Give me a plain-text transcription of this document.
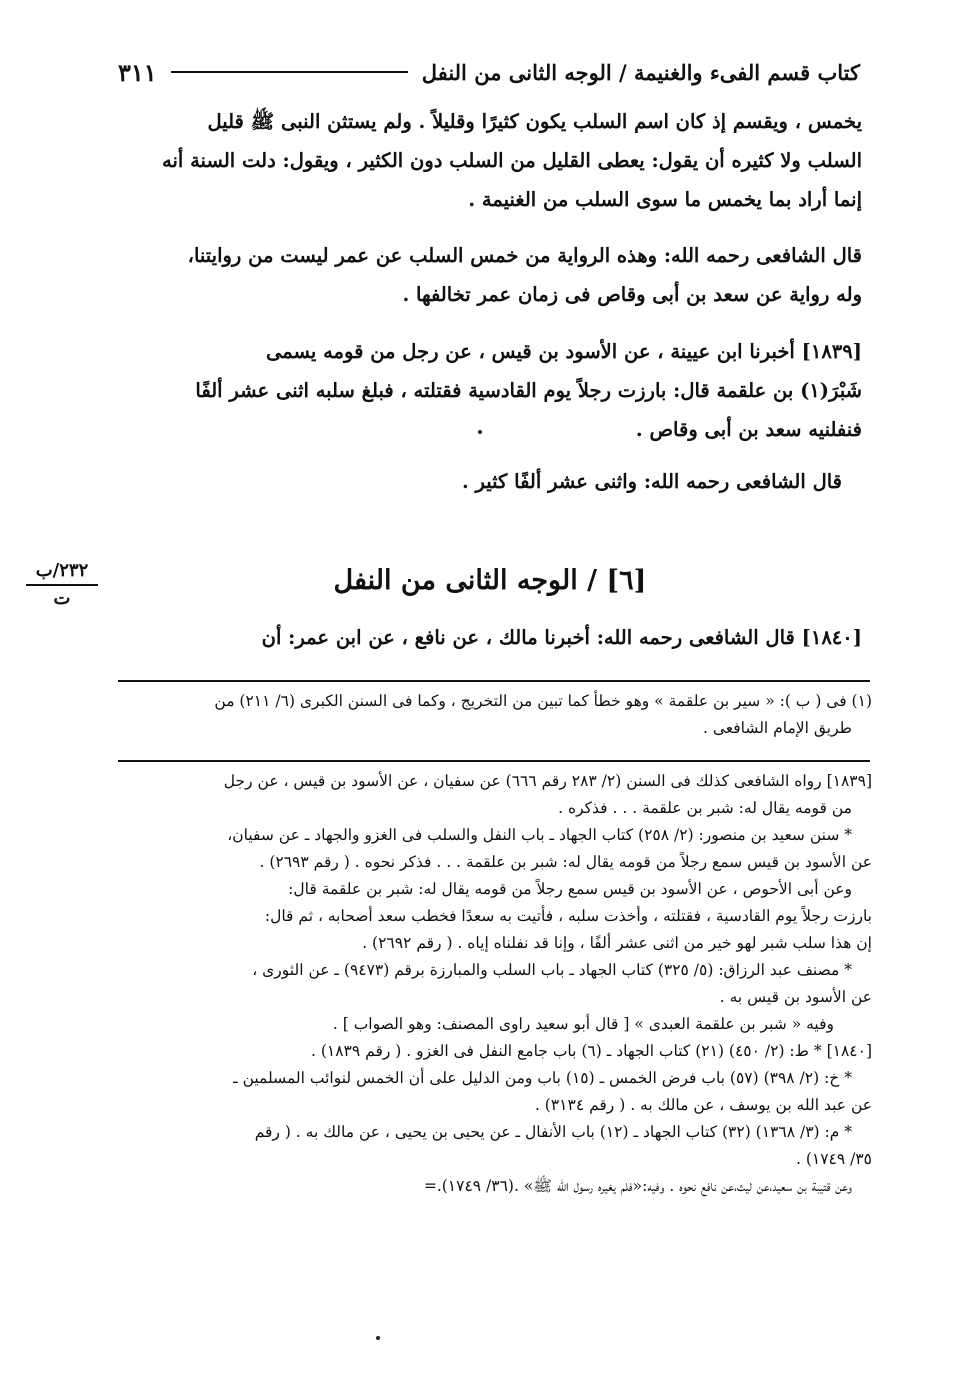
كتاب قسم الفىء والغنيمة / الوجه الثانى من النفل
٣١١

يخمس ، ويقسم إذ كان اسم السلب يكون كثيرًا وقليلاً . ولم يستثن النبى ﷺ قليل

السلب ولا كثيره أن يقول: يعطى القليل من السلب دون الكثير ، ويقول: دلت السنة أنه

إنما أراد بما يخمس ما سوى السلب من الغنيمة .

قال الشافعى رحمه الله: وهذه الرواية من خمس السلب عن عمر ليست من روايتنا،

وله رواية عن سعد بن أبى وقاص فى زمان عمر تخالفها .

[١٨٣٩] أخبرنا ابن عيينة ، عن الأسود بن قيس ، عن رجل من قومه يسمى

شَبْرَ(١) بن علقمة قال: بارزت رجلاً يوم القادسية فقتلته ، فبلغ سلبه اثنى عشر ألفًا

فنفلنيه سعد بن أبى وقاص .

قال الشافعى رحمه الله: واثنى عشر ألفًا كثير .

٢٣٢/ب
ت
[٦] / الوجه الثانى من النفل

[١٨٤٠] قال الشافعى رحمه الله: أخبرنا مالك ، عن نافع ، عن ابن عمر: أن

(١) فى ( ب ): « سير بن علقمة » وهو خطأ كما تبين من التخريج ، وكما فى السنن الكبرى (٦/ ٢١١) من

طريق الإمام الشافعى .

[١٨٣٩] رواه الشافعى كذلك فى السنن (٢/ ٢٨٣ رقم ٦٦٦) عن سفيان ، عن الأسود بن قيس ، عن رجل

من قومه يقال له: شبر بن علقمة . . . فذكره .

* سنن سعيد بن منصور: (٢/ ٢٥٨) كتاب الجهاد ـ باب النفل والسلب فى الغزو والجهاد ـ عن سفيان،

عن الأسود بن قيس سمع رجلاً من قومه يقال له: شبر بن علقمة . . . فذكر نحوه . ( رقم ٢٦٩٣) .

وعن أبى الأحوص ، عن الأسود بن قيس سمع رجلاً من قومه يقال له: شبر بن علقمة قال:

بارزت رجلاً يوم القادسية ، فقتلته ، وأخذت سلبه ، فأتيت به سعدًا فخطب سعد أصحابه ، ثم قال:

إن هذا سلب شبر لهو خير من اثنى عشر ألفًا ، وإنا قد نفلناه إياه . ( رقم ٢٦٩٢) .

* مصنف عبد الرزاق: (٥/ ٣٢٥) كتاب الجهاد ـ باب السلب والمبارزة برقم (٩٤٧٣) ـ عن الثورى ،

عن الأسود بن قيس به .

وفيه « شبر بن علقمة العبدى » [ قال أبو سعيد راوى المصنف: وهو الصواب ] .

[١٨٤٠] * ط: (٢/ ٤٥٠) (٢١) كتاب الجهاد ـ (٦) باب جامع النفل فى الغزو . ( رقم ١٨٣٩) .

* خ: (٢/ ٣٩٨) (٥٧) باب فرض الخمس ـ (١٥) باب ومن الدليل على أن الخمس لنوائب المسلمين ـ

عن عبد الله بن يوسف ، عن مالك به . ( رقم ٣١٣٤) .

* م: (٣/ ١٣٦٨) (٣٢) كتاب الجهاد ـ (١٢) باب الأنفال ـ عن يحيى بن يحيى ، عن مالك به . ( رقم

٣٥/ ١٧٤٩) .

وعن قتيبة بن سعيد،عن ليث،عن نافع نحوه . وفيه:«فلم يغيره رسول الله ﷺ» .(٣٦/ ١٧٤٩).=
